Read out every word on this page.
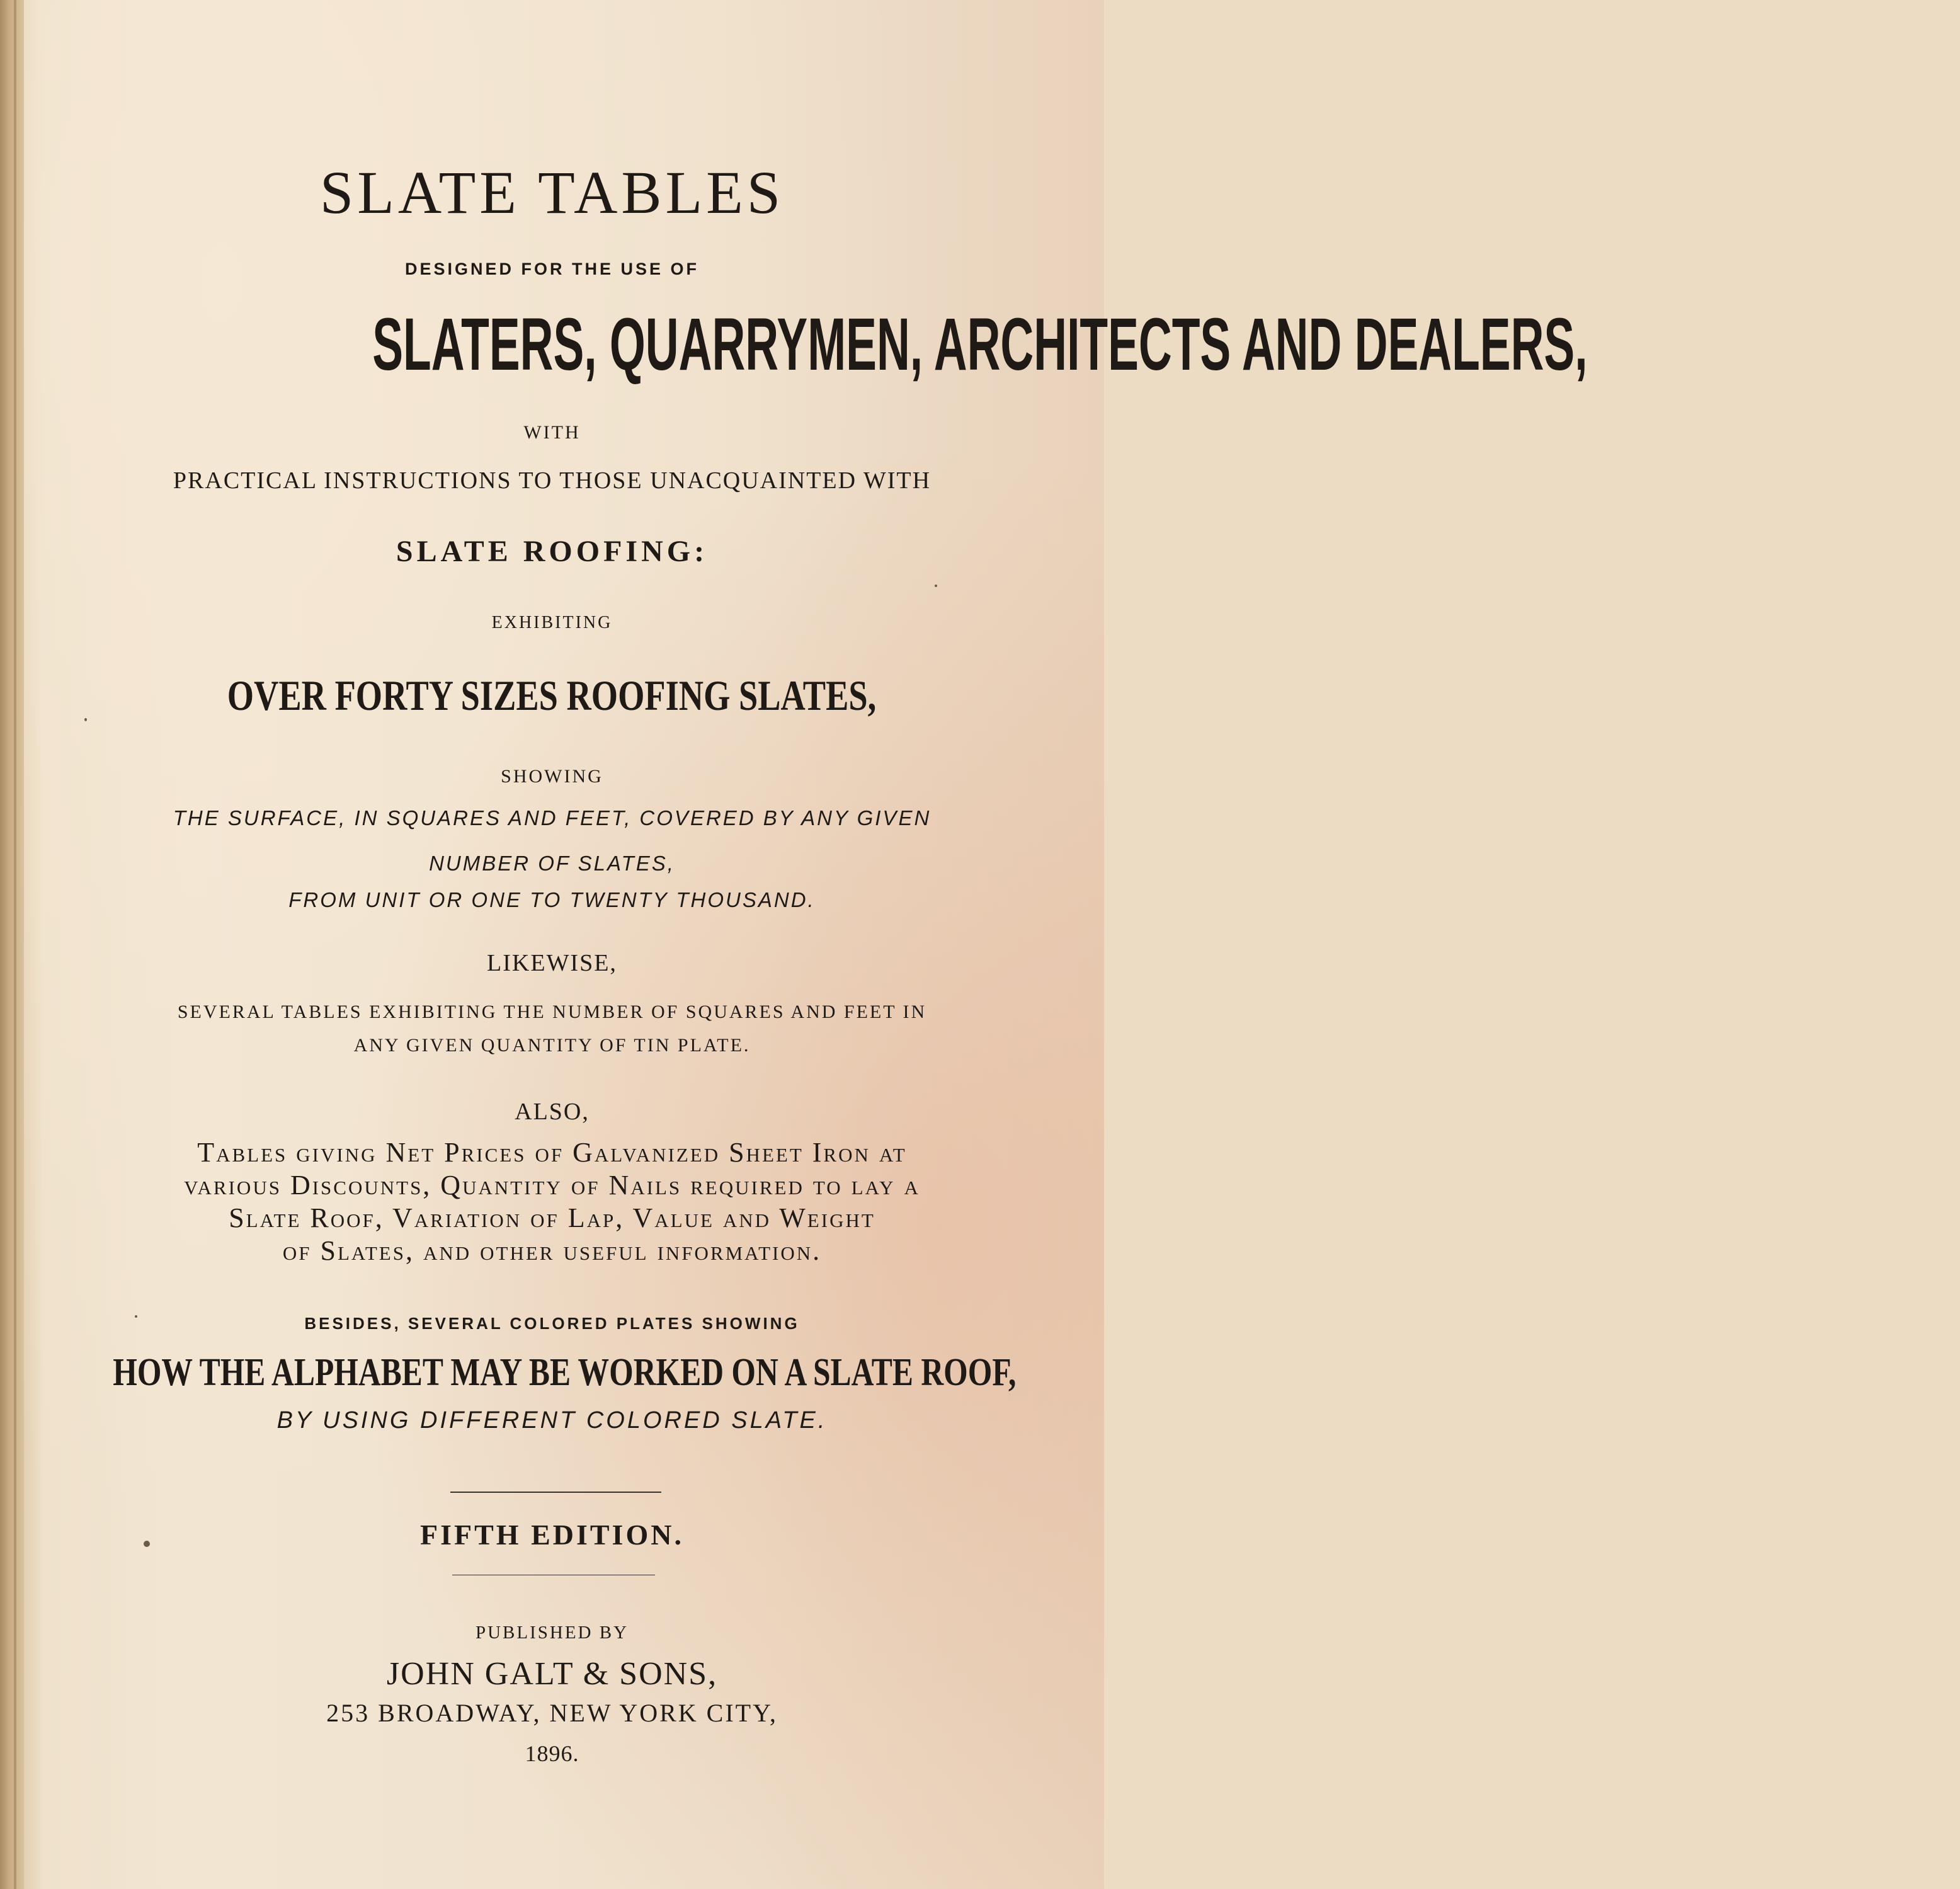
SLATE TABLES
DESIGNED FOR THE USE OF
SLATERS, QUARRYMEN, ARCHITECTS AND DEALERS,
WITH
PRACTICAL INSTRUCTIONS TO THOSE UNACQUAINTED WITH
SLATE ROOFING:
EXHIBITING
OVER FORTY SIZES ROOFING SLATES,
SHOWING
THE SURFACE, IN SQUARES AND FEET, COVERED BY ANY GIVEN
NUMBER OF SLATES,
FROM UNIT OR ONE TO TWENTY THOUSAND.
LIKEWISE,
SEVERAL TABLES EXHIBITING THE NUMBER OF SQUARES AND FEET IN
ANY GIVEN QUANTITY OF TIN PLATE.
ALSO,
Tables giving Net Prices of Galvanized Sheet Iron at
various Discounts, Quantity of Nails required to lay a
Slate Roof, Variation of Lap, Value and Weight
of Slates, and other useful information.
BESIDES, SEVERAL COLORED PLATES SHOWING
HOW THE ALPHABET MAY BE WORKED ON A SLATE ROOF,
BY USING DIFFERENT COLORED SLATE.
FIFTH EDITION.
PUBLISHED BY
JOHN GALT & SONS,
253 BROADWAY, NEW YORK CITY,
1896.
